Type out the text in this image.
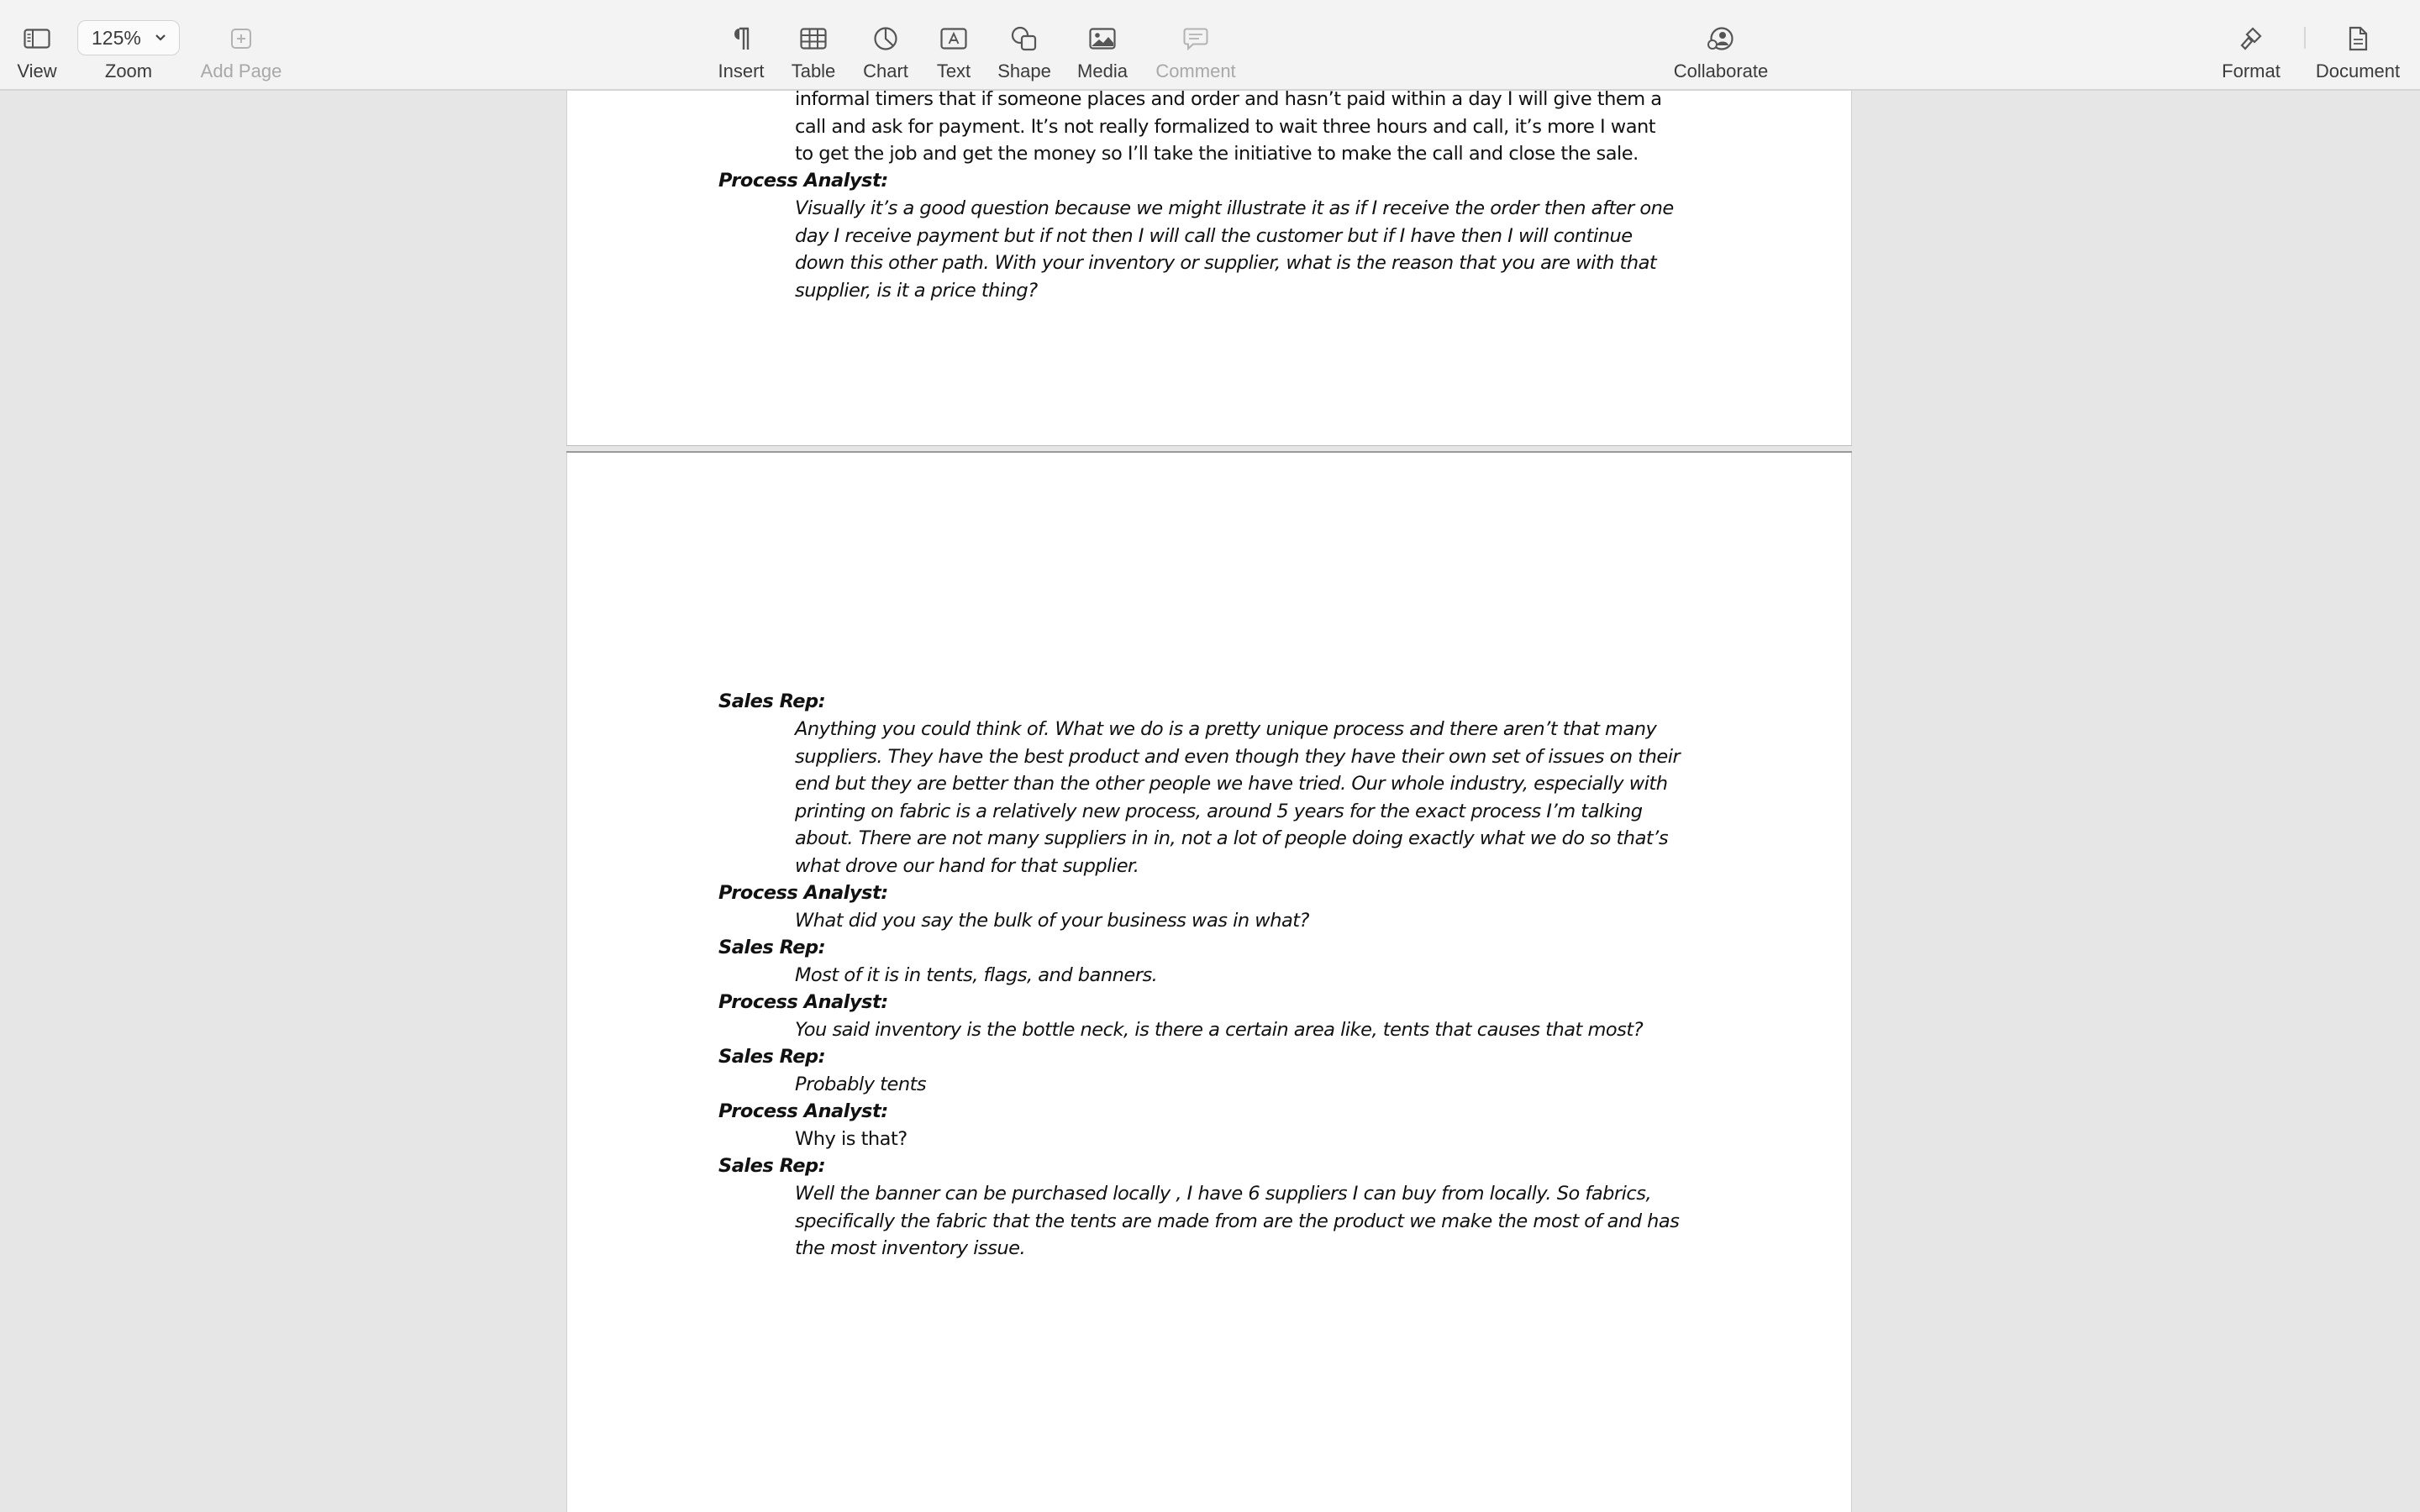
View
125%
Zoom	Add Page	Insert	Table	Chart	Text	Shape	Media	Comment	Collaborate	Format	Document
informal timers that if someone places and order and hasn’t paid within a day I will give them a
call and ask for payment. It’s not really formalized to wait three hours and call, it’s more I want
to get the job and get the money so I’ll take the initiative to make the call and close the sale.
Process Analyst:
Visually it’s a good question because we might illustrate it as if I receive the order then after one
day I receive payment but if not then I will call the customer but if I have then I will continue
down this other path. With your inventory or supplier, what is the reason that you are with that
supplier, is it a price thing?
Sales Rep:
Anything you could think of. What we do is a pretty unique process and there aren’t that many
suppliers. They have the best product and even though they have their own set of issues on their
end but they are better than the other people we have tried. Our whole industry, especially with
printing on fabric is a relatively new process, around 5 years for the exact process I’m talking
about. There are not many suppliers in in, not a lot of people doing exactly what we do so that’s
what drove our hand for that supplier.
Process Analyst:
What did you say the bulk of your business was in what?
Sales Rep:
Most of it is in tents, flags, and banners.
Process Analyst:
You said inventory is the bottle neck, is there a certain area like, tents that causes that most?
Sales Rep:
Probably tents
Process Analyst:
Why is that?
Sales Rep:
Well the banner can be purchased locally , I have 6 suppliers I can buy from locally. So fabrics,
specifically the fabric that the tents are made from are the product we make the most of and has
the most inventory issue.
